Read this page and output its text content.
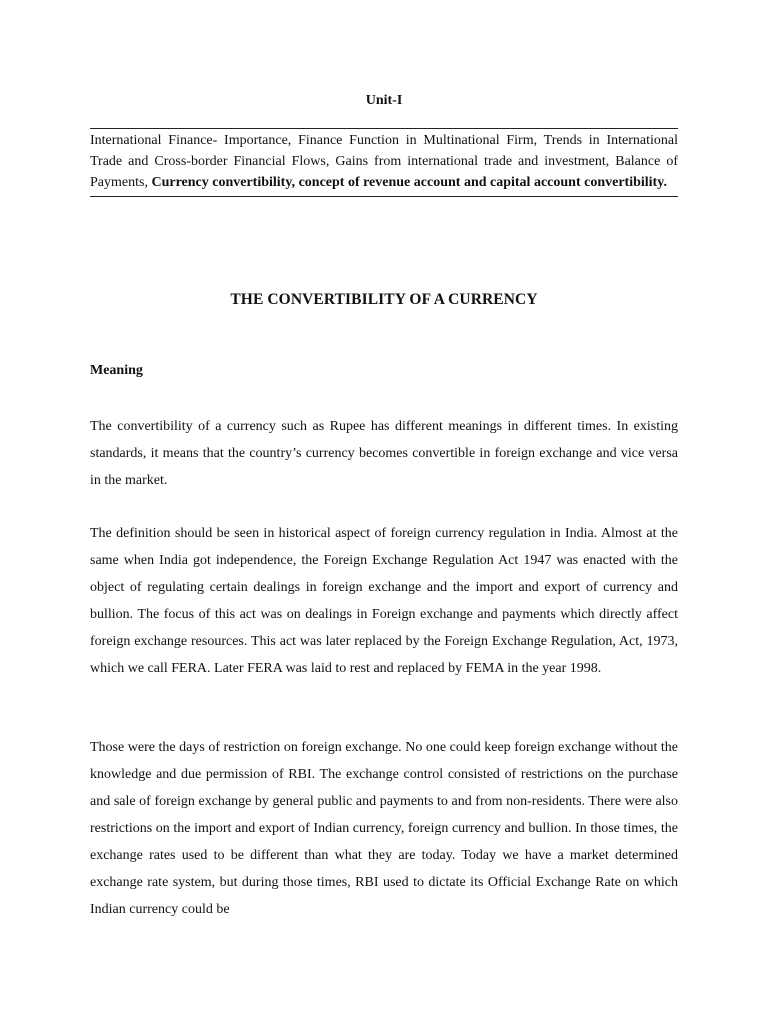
Unit-I
International Finance- Importance, Finance Function in Multinational Firm, Trends in International Trade and Cross-border Financial Flows, Gains from international trade and investment, Balance of Payments, Currency convertibility, concept of revenue account and capital account convertibility.
THE CONVERTIBILITY OF A CURRENCY
Meaning

The convertibility of a currency such as Rupee has different meanings in different times. In existing standards, it means that the country’s currency becomes convertible in foreign exchange and vice versa in the market.

The definition should be seen in historical aspect of foreign currency regulation in India. Almost at the same when India got independence, the Foreign Exchange Regulation Act 1947 was enacted with the object of regulating certain dealings in foreign exchange and the import and export of currency and bullion. The focus of this act was on dealings in Foreign exchange and payments which directly affect foreign exchange resources. This act was later replaced by the Foreign Exchange Regulation, Act, 1973, which we call FERA. Later FERA was laid to rest and replaced by FEMA in the year 1998.

Those were the days of restriction on foreign exchange. No one could keep foreign exchange without the knowledge and due permission of RBI. The exchange control consisted of restrictions on the purchase and sale of foreign exchange by general public and payments to and from non-residents. There were also restrictions on the import and export of Indian currency, foreign currency and bullion. In those times, the exchange rates used to be different than what they are today. Today we have a market determined exchange rate system, but during those times, RBI used to dictate its Official Exchange Rate on which Indian currency could be
